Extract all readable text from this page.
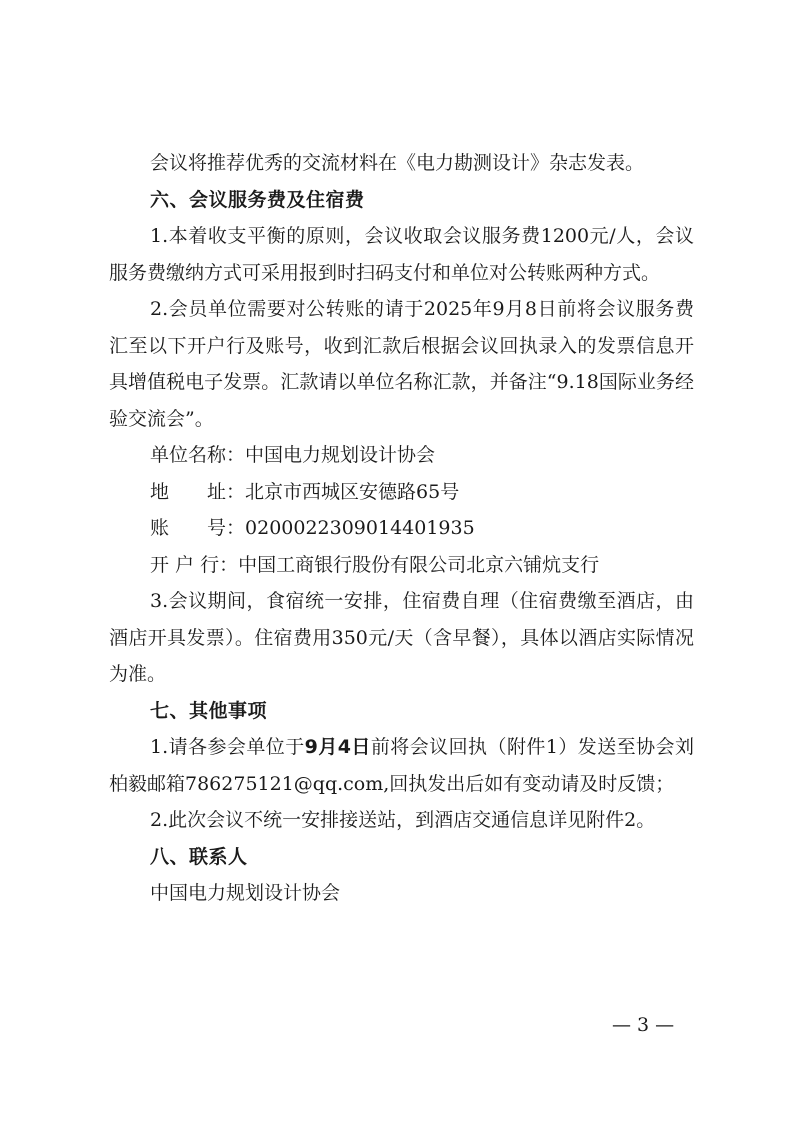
会议将推荐优秀的交流材料在《电力勘测设计》杂志发表。

六、会议服务费及住宿费

1.本着收支平衡的原则，会议收取会议服务费1200元/人，会议服务费缴纳方式可采用报到时扫码支付和单位对公转账两种方式。

2.会员单位需要对公转账的请于2025年9月8日前将会议服务费汇至以下开户行及账号，收到汇款后根据会议回执录入的发票信息开具增值税电子发票。汇款请以单位名称汇款，并备注“9.18国际业务经验交流会”。

单位名称：中国电力规划设计协会

地　　址：北京市西城区安德路65号

账　　号：0200022309014401935

开 户 行：中国工商银行股份有限公司北京六铺炕支行

3.会议期间，食宿统一安排，住宿费自理（住宿费缴至酒店，由酒店开具发票）。住宿费用350元/天（含早餐），具体以酒店实际情况为准。

七、其他事项

1.请各参会单位于9月4日前将会议回执（附件1）发送至协会刘柏毅邮箱786275121@qq.com,回执发出后如有变动请及时反馈；

2.此次会议不统一安排接送站，到酒店交通信息详见附件2。

八、联系人

中国电力规划设计协会

— 3 —
